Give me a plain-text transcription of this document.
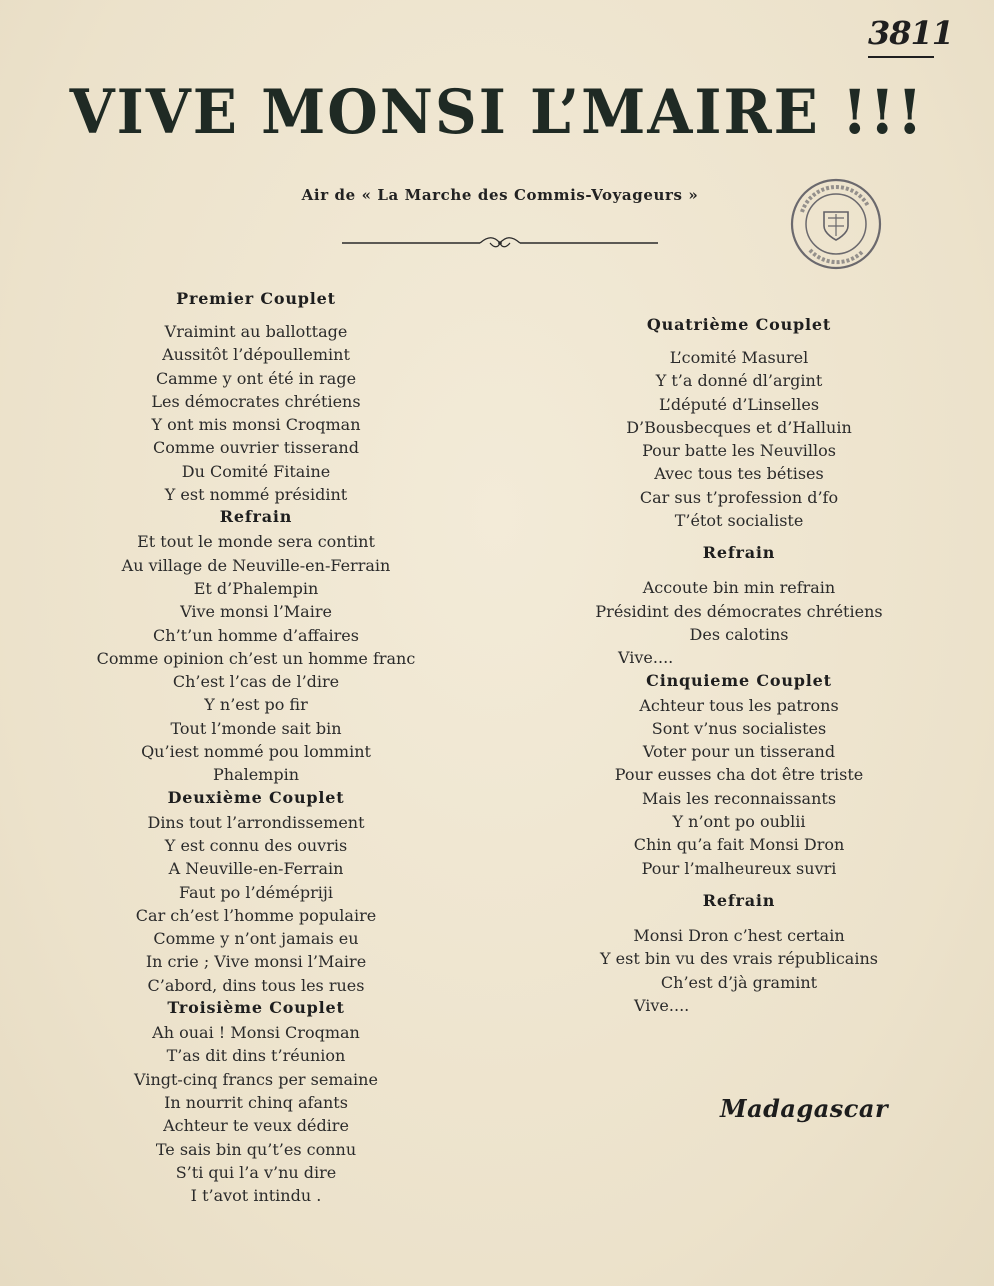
3811
VIVE MONSI L’MAIRE !!!
Air de « La Marche des Commis-Voyageurs »
Premier Couplet
Vraimint au ballottage
Aussitôt l’dépoullemint
Camme y ont été in rage
Les démocrates chrétiens
Y ont mis monsi Croqman
Comme ouvrier tisserand
Du Comité Fitaine
Y est nommé présidint
Refrain
Et tout le monde sera contint
Au village de Neuville-en-Ferrain
Et d’Phalempin
Vive monsi l’Maire
Ch’t’un homme d’affaires
Comme opinion ch’est un homme franc
Ch’est l’cas de l’dire
Y n’est po fir
Tout l’monde sait bin
Qu’iest nommé pou lommint
Phalempin
Deuxième Couplet
Dins tout l’arrondissement
Y est connu des ouvris
A Neuville-en-Ferrain
Faut po l’démépriji
Car ch’est l’homme populaire
Comme y n’ont jamais eu
In crie ; Vive monsi l’Maire
C’abord, dins tous les rues
Troisième Couplet
Ah ouai ! Monsi Croqman
T’as dit dins t’réunion
Vingt-cinq francs per semaine
In nourrit chinq afants
Achteur te veux dédire
Te sais bin qu’t’es connu
S’ti qui l’a v’nu dire
I t’avot intindu .
Quatrième Couplet
L’comité Masurel
Y t’a donné dl’argint
L’député d’Linselles
D’Bousbecques et d’Halluin
Pour batte les Neuvillos
Avec tous tes bétises
Car sus t’profession d’fo
T’étot socialiste
Refrain
Accoute bin min refrain
Présidint des démocrates chrétiens
Des calotins
Vive....
Cinquieme Couplet
Achteur tous les patrons
Sont v’nus socialistes
Voter pour un tisserand
Pour eusses cha dot être triste
Mais les reconnaissants
Y n’ont po oublii
Chin qu’a fait Monsi Dron
Pour l’malheureux suvri
Refrain
Monsi Dron c’hest certain
Y est bin vu des vrais républicains
Ch’est d’jà gramint
Vive....
Madagascar
